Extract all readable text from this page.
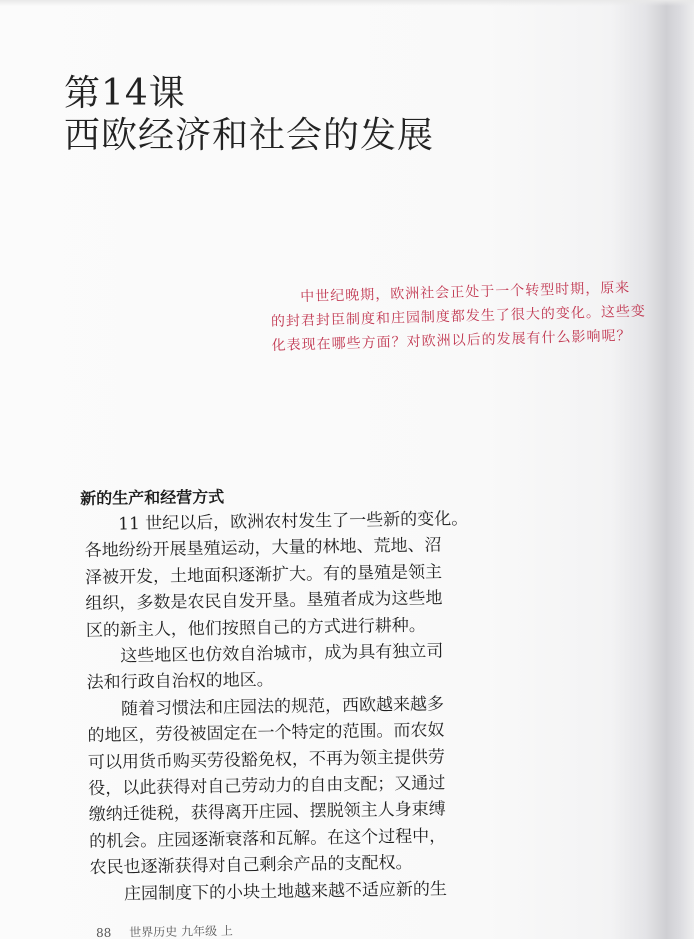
第14课
西欧经济和社会的发展
中世纪晚期，欧洲社会正处于一个转型时期，原来
的封君封臣制度和庄园制度都发生了很大的变化。这些变
化表现在哪些方面？对欧洲以后的发展有什么影响呢？
新的生产和经营方式
11 世纪以后，欧洲农村发生了一些新的变化。
各地纷纷开展垦殖运动，大量的林地、荒地、沼
泽被开发，土地面积逐渐扩大。有的垦殖是领主
组织，多数是农民自发开垦。垦殖者成为这些地
区的新主人，他们按照自己的方式进行耕种。
这些地区也仿效自治城市，成为具有独立司
法和行政自治权的地区。
随着习惯法和庄园法的规范，西欧越来越多
的地区，劳役被固定在一个特定的范围。而农奴
可以用货币购买劳役豁免权，不再为领主提供劳
役，以此获得对自己劳动力的自由支配；又通过
缴纳迁徙税，获得离开庄园、摆脱领主人身束缚
的机会。庄园逐渐衰落和瓦解。在这个过程中，
农民也逐渐获得对自己剩余产品的支配权。
庄园制度下的小块土地越来越不适应新的生
88 世界历史 九年级 上
